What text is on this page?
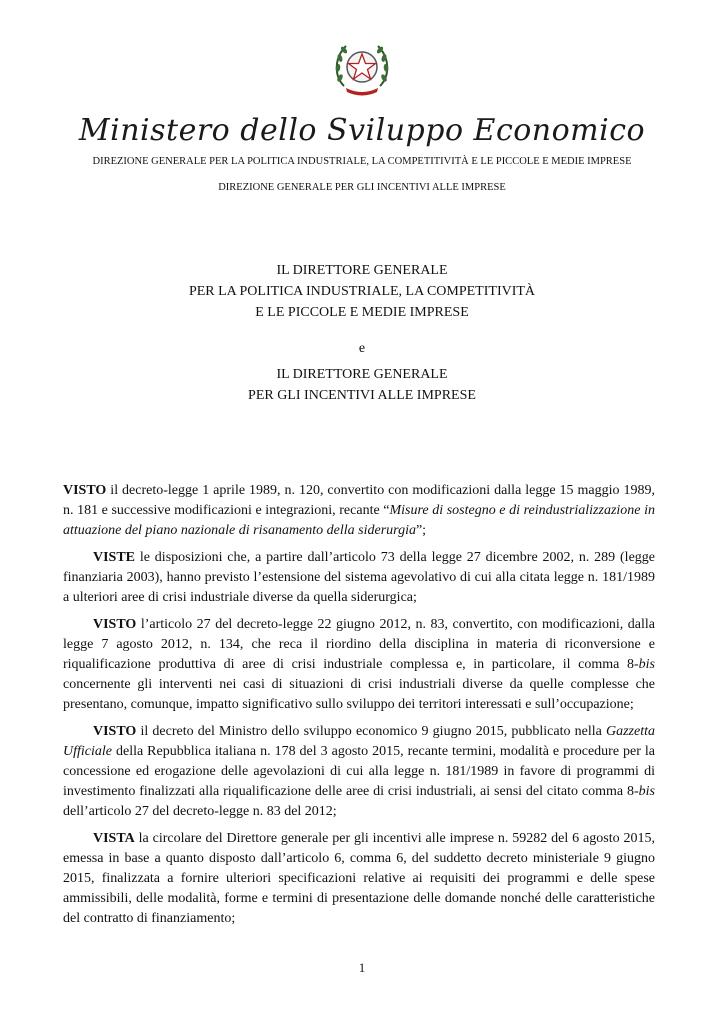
Ministero dello Sviluppo Economico
DIREZIONE GENERALE PER LA POLITICA INDUSTRIALE, LA COMPETITIVITÀ E LE PICCOLE E MEDIE IMPRESE
DIREZIONE GENERALE PER GLI INCENTIVI ALLE IMPRESE
IL DIRETTORE GENERALE
PER LA POLITICA INDUSTRIALE, LA COMPETITIVITÀ
E LE PICCOLE E MEDIE IMPRESE
e
IL DIRETTORE GENERALE
PER GLI INCENTIVI ALLE IMPRESE

VISTO il decreto-legge 1 aprile 1989, n. 120, convertito con modificazioni dalla legge 15 maggio 1989, n. 181 e successive modificazioni e integrazioni, recante “Misure di sostegno e di reindustrializzazione in attuazione del piano nazionale di risanamento della siderurgia”;

VISTE le disposizioni che, a partire dall’articolo 73 della legge 27 dicembre 2002, n. 289 (legge finanziaria 2003), hanno previsto l’estensione del sistema agevolativo di cui alla citata legge n. 181/1989 a ulteriori aree di crisi industriale diverse da quella siderurgica;

VISTO l’articolo 27 del decreto-legge 22 giugno 2012, n. 83, convertito, con modificazioni, dalla legge 7 agosto 2012, n. 134, che reca il riordino della disciplina in materia di riconversione e riqualificazione produttiva di aree di crisi industriale complessa e, in particolare, il comma 8-bis concernente gli interventi nei casi di situazioni di crisi industriali diverse da quelle complesse che presentano, comunque, impatto significativo sullo sviluppo dei territori interessati e sull’occupazione;

VISTO il decreto del Ministro dello sviluppo economico 9 giugno 2015, pubblicato nella Gazzetta Ufficiale della Repubblica italiana n. 178 del 3 agosto 2015, recante termini, modalità e procedure per la concessione ed erogazione delle agevolazioni di cui alla legge n. 181/1989 in favore di programmi di investimento finalizzati alla riqualificazione delle aree di crisi industriali, ai sensi del citato comma 8-bis dell’articolo 27 del decreto-legge n. 83 del 2012;

VISTA la circolare del Direttore generale per gli incentivi alle imprese n. 59282 del 6 agosto 2015, emessa in base a quanto disposto dall’articolo 6, comma 6, del suddetto decreto ministeriale 9 giugno 2015, finalizzata a fornire ulteriori specificazioni relative ai requisiti dei programmi e delle spese ammissibili, delle modalità, forme e termini di presentazione delle domande nonché delle caratteristiche del contratto di finanziamento;

1
